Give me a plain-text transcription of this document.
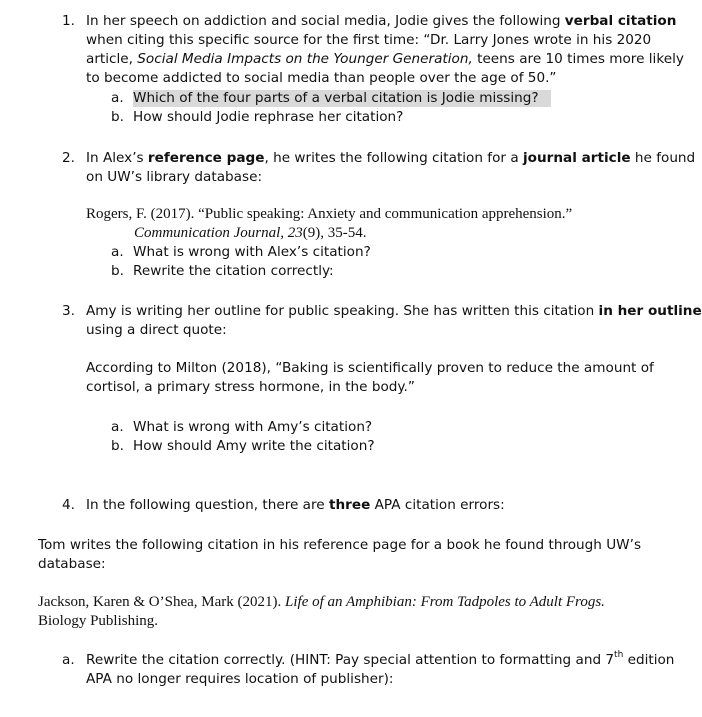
1. In her speech on addiction and social media, Jodie gives the following verbal citation
when citing this specific source for the first time: “Dr. Larry Jones wrote in his 2020
article, Social Media Impacts on the Younger Generation, teens are 10 times more likely
to become addicted to social media than people over the age of 50.”
a. Which of the four parts of a verbal citation is Jodie missing?
b. How should Jodie rephrase her citation?
2. In Alex’s reference page, he writes the following citation for a journal article he found
on UW’s library database:
Rogers, F. (2017). “Public speaking: Anxiety and communication apprehension.”
Communication Journal, 23(9), 35-54.
a. What is wrong with Alex’s citation?
b. Rewrite the citation correctly:
3. Amy is writing her outline for public speaking. She has written this citation in her outline
using a direct quote:
According to Milton (2018), “Baking is scientifically proven to reduce the amount of
cortisol, a primary stress hormone, in the body.”
a. What is wrong with Amy’s citation?
b. How should Amy write the citation?
4. In the following question, there are three APA citation errors:
Tom writes the following citation in his reference page for a book he found through UW’s
database:
Jackson, Karen & O’Shea, Mark (2021). Life of an Amphibian: From Tadpoles to Adult Frogs.
Biology Publishing.
a. Rewrite the citation correctly. (HINT: Pay special attention to formatting and 7th edition
APA no longer requires location of publisher):
